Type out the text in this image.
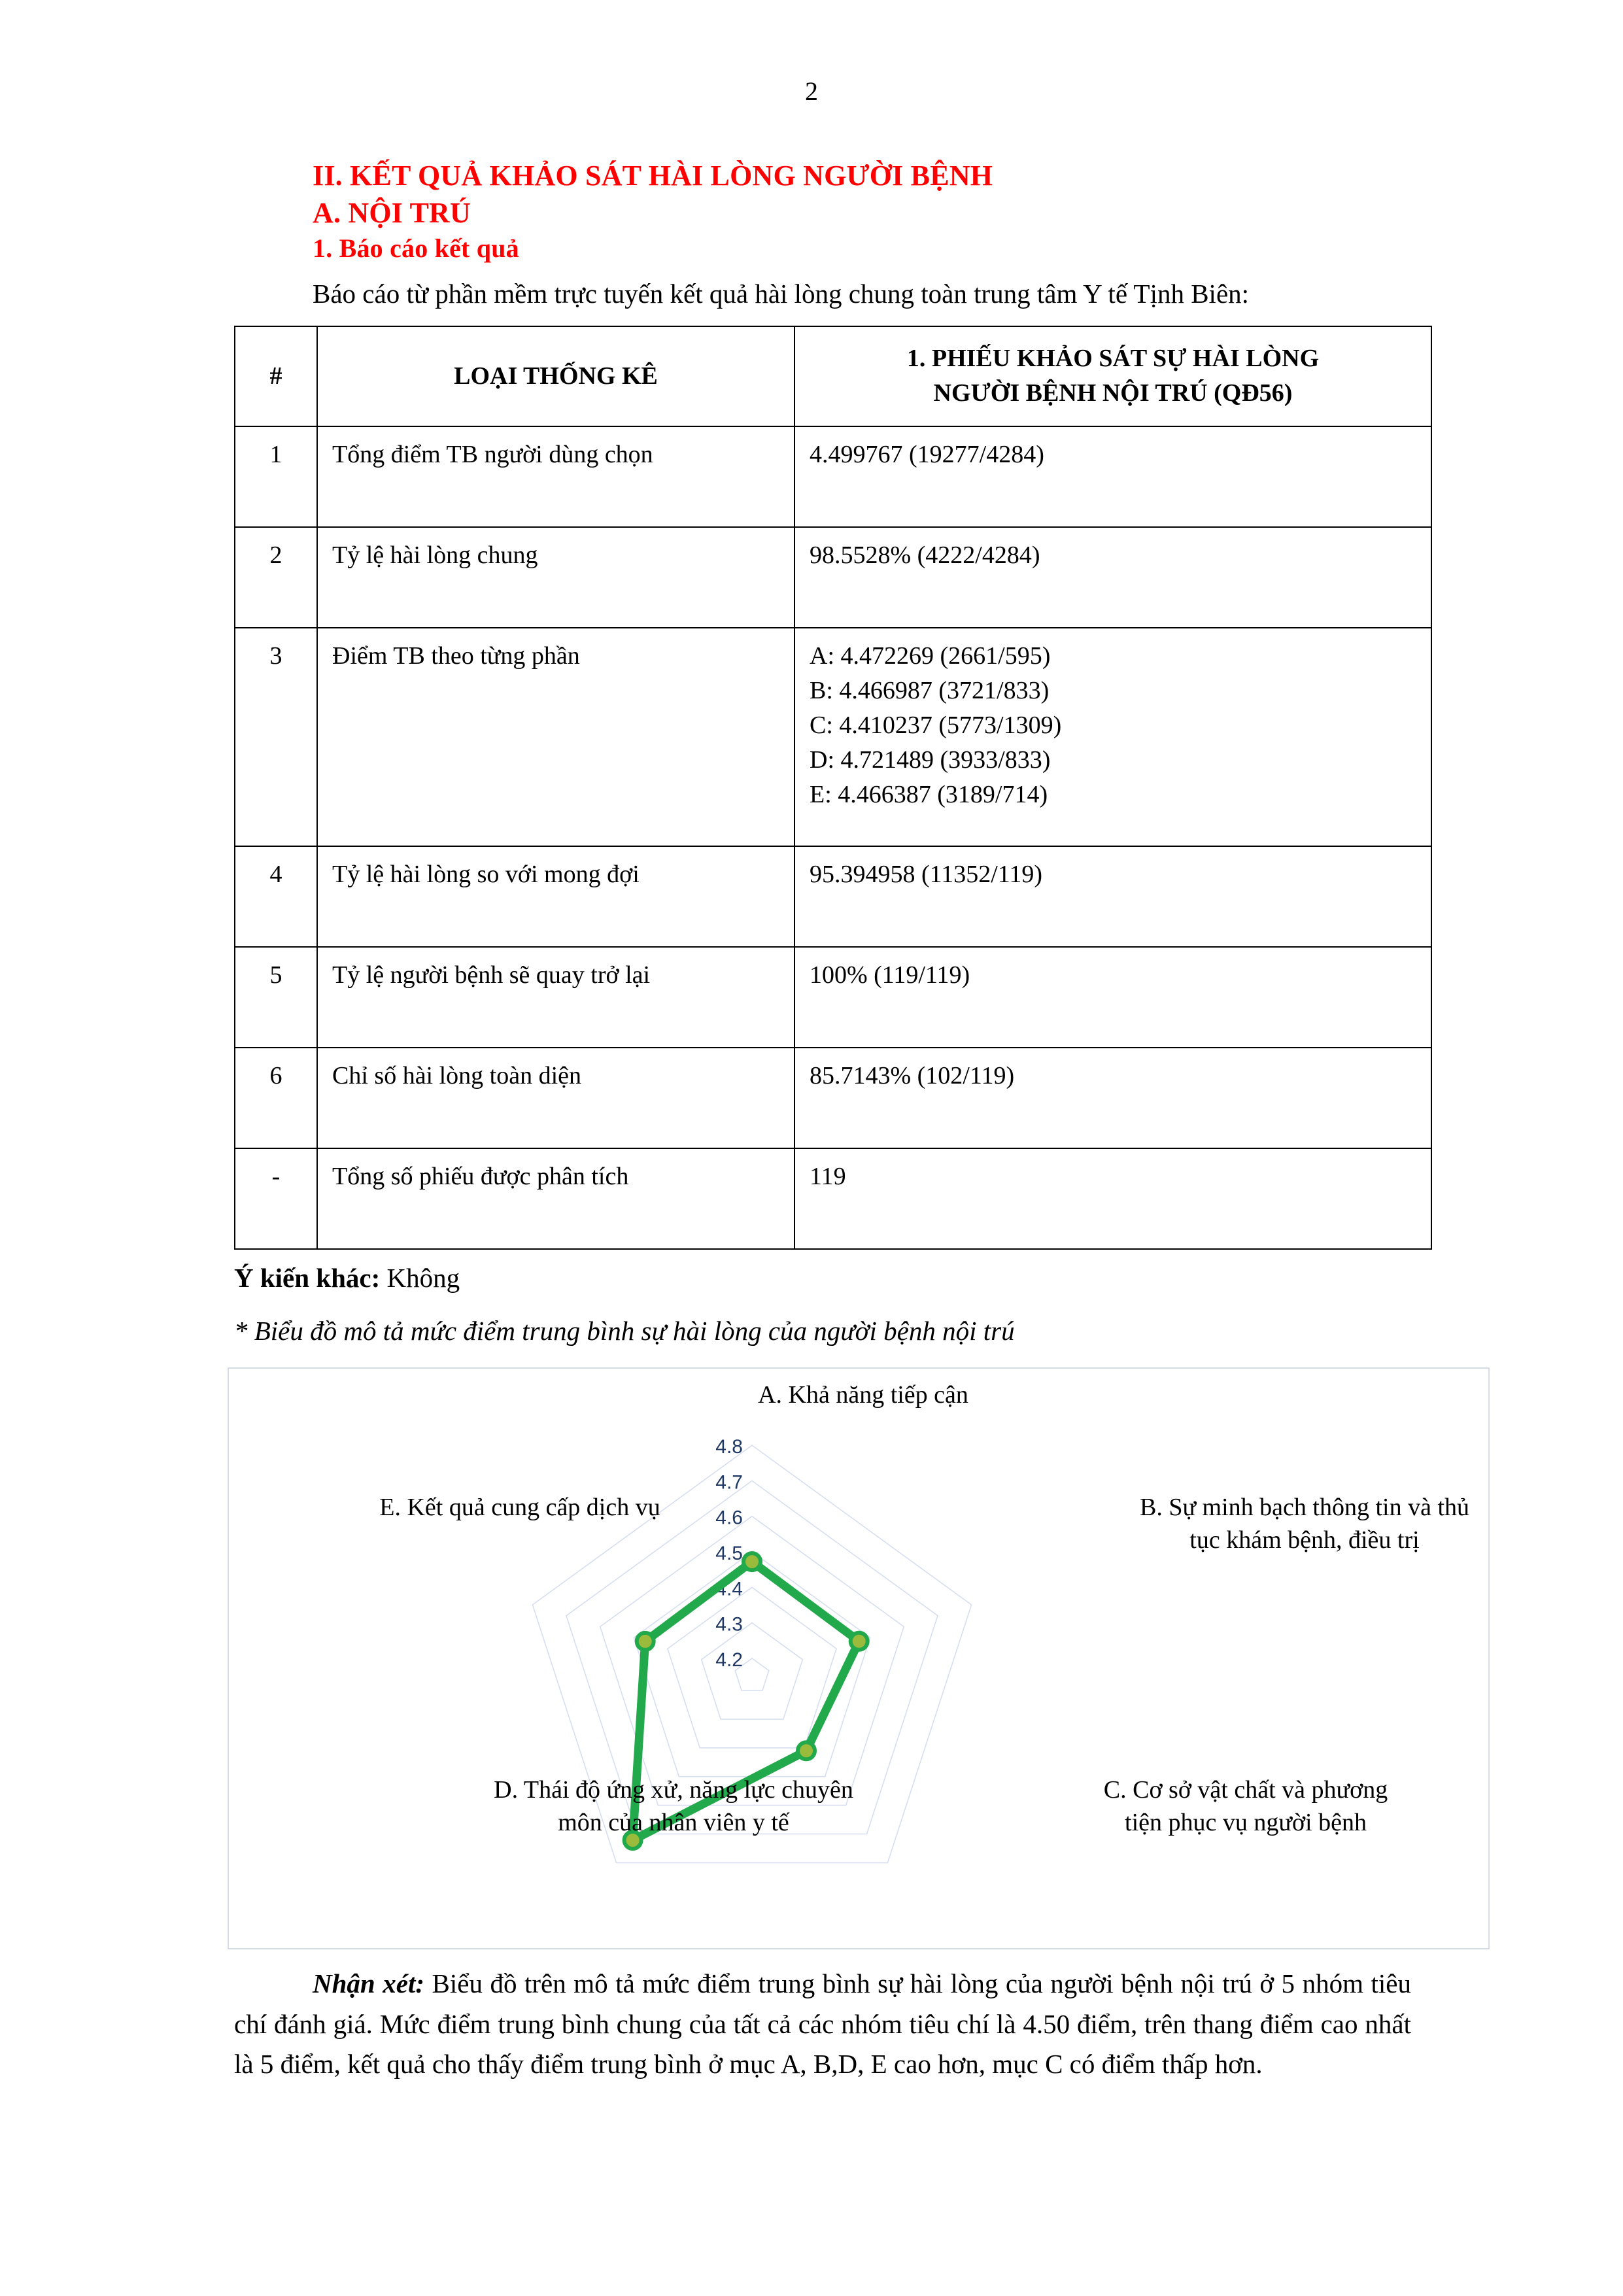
2
II. KẾT QUẢ KHẢO SÁT HÀI LÒNG NGƯỜI BỆNH
A. NỘI TRÚ
1. Báo cáo kết quả

Báo cáo từ phần mềm trực tuyến kết quả hài lòng chung toàn trung tâm Y tế Tịnh Biên:

#	LOẠI THỐNG KÊ	1. PHIẾU KHẢO SÁT SỰ HÀI LÒNG
NGƯỜI BỆNH NỘI TRÚ (QĐ56)

1	Tổng điểm TB người dùng chọn	4.499767 (19277/4284)
2	Tỷ lệ hài lòng chung	98.5528% (4222/4284)
3	Điểm TB theo từng phần	A: 4.472269 (2661/595)
B: 4.466987 (3721/833)
C: 4.410237 (5773/1309)
D: 4.721489 (3933/833)
E: 4.466387 (3189/714)

4	Tỷ lệ hài lòng so với mong đợi	95.394958 (11352/119)
5	Tỷ lệ người bệnh sẽ quay trở lại	100% (119/119)
6	Chỉ số hài lòng toàn diện	85.7143% (102/119)
-	Tổng số phiếu được phân tích	119
Ý kiến khác: Không
* Biểu đồ mô tả mức điểm trung bình sự hài lòng của người bệnh nội trú
4.8
4.7
4.6
4.5
4.4
4.3
4.2
A. Khả năng tiếp cận
B. Sự minh bạch thông tin và thủ tục khám bệnh, điều trị
C. Cơ sở vật chất và phương tiện phục vụ người bệnh
D. Thái độ ứng xử, năng lực chuyên môn của nhân viên y tế
E. Kết quả cung cấp dịch vụ

Nhận xét: Biểu đồ trên mô tả mức điểm trung bình sự hài lòng của người bệnh nội trú ở 5 nhóm tiêu chí đánh giá. Mức điểm trung bình chung của tất cả các nhóm tiêu chí là 4.50 điểm, trên thang điểm cao nhất là 5 điểm, kết quả cho thấy điểm trung bình ở mục A, B,D, E cao hơn, mục C có điểm thấp hơn.
